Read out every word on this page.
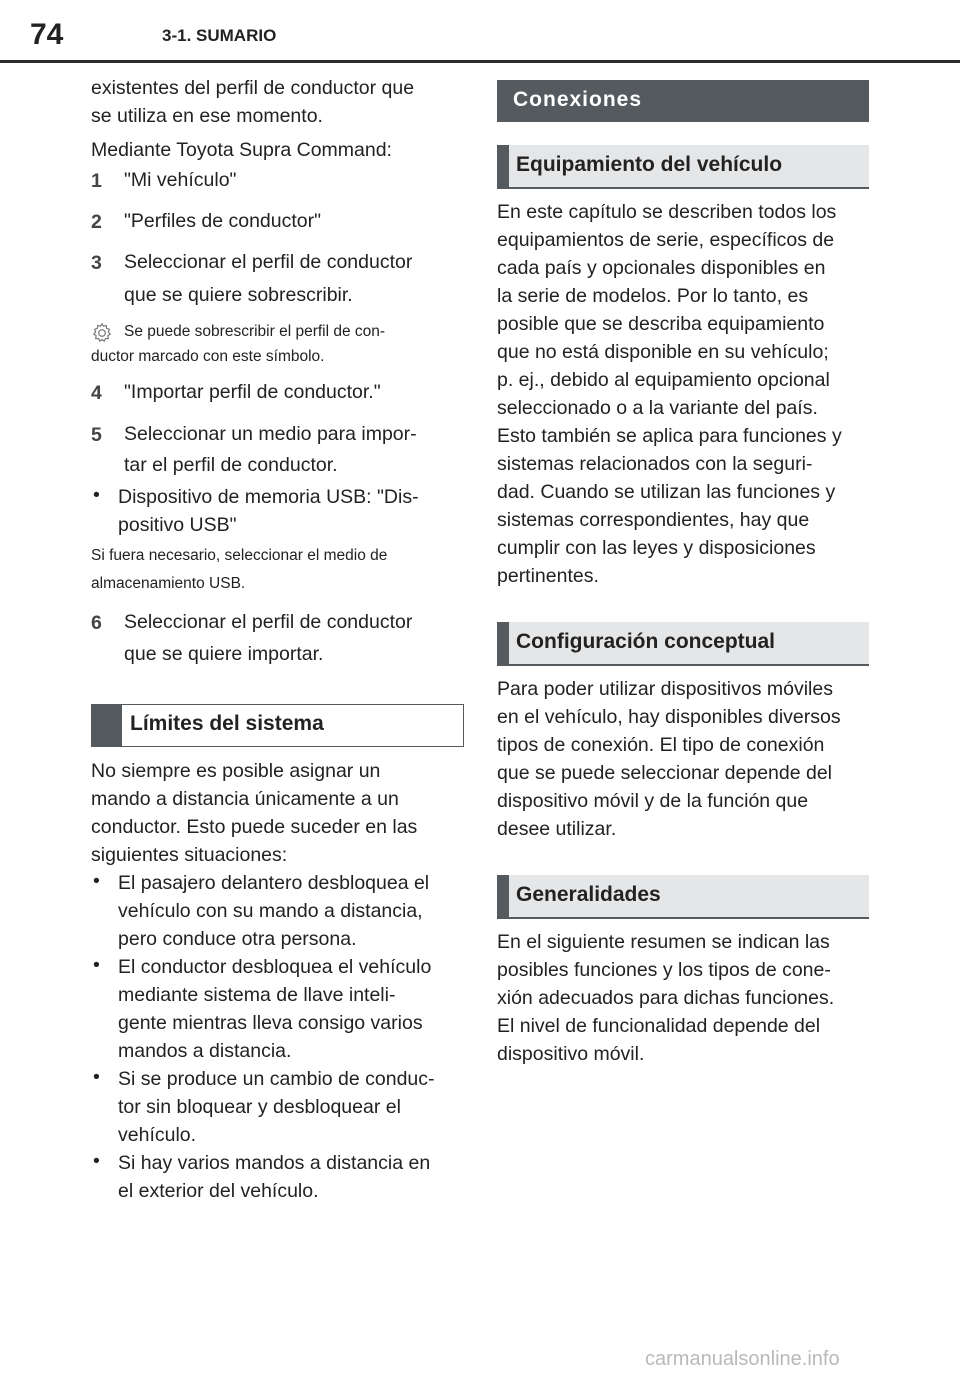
74	3-1. SUMARIO
existentes del perfil de conductor que
se utiliza en ese momento.
Mediante Toyota Supra Command:
1 "Mi vehículo"
2 "Perfiles de conductor"
3 Seleccionar el perfil de conductor
que se quiere sobrescribir.
Se puede sobrescribir el perfil de con-
ductor marcado con este símbolo.
4 "Importar perfil de conductor."
5 Seleccionar un medio para impor-
tar el perfil de conductor.
• Dispositivo de memoria USB: "Dis-
positivo USB"
Si fuera necesario, seleccionar el medio de
almacenamiento USB.
6 Seleccionar el perfil de conductor
que se quiere importar.
Límites del sistema
No siempre es posible asignar un
mando a distancia únicamente a un
conductor. Esto puede suceder en las
siguientes situaciones:
• El pasajero delantero desbloquea el
vehículo con su mando a distancia,
pero conduce otra persona.
• El conductor desbloquea el vehículo
mediante sistema de llave inteli-
gente mientras lleva consigo varios
mandos a distancia.
• Si se produce un cambio de conduc-
tor sin bloquear y desbloquear el
vehículo.
• Si hay varios mandos a distancia en
el exterior del vehículo.
Conexiones
Equipamiento del vehículo
En este capítulo se describen todos los
equipamientos de serie, específicos de
cada país y opcionales disponibles en
la serie de modelos. Por lo tanto, es
posible que se describa equipamiento
que no está disponible en su vehículo;
p. ej., debido al equipamiento opcional
seleccionado o a la variante del país.
Esto también se aplica para funciones y
sistemas relacionados con la seguri-
dad. Cuando se utilizan las funciones y
sistemas correspondientes, hay que
cumplir con las leyes y disposiciones
pertinentes.
Configuración conceptual
Para poder utilizar dispositivos móviles
en el vehículo, hay disponibles diversos
tipos de conexión. El tipo de conexión
que se puede seleccionar depende del
dispositivo móvil y de la función que
desee utilizar.
Generalidades
En el siguiente resumen se indican las
posibles funciones y los tipos de cone-
xión adecuados para dichas funciones.
El nivel de funcionalidad depende del
dispositivo móvil.
carmanualsonline.info
